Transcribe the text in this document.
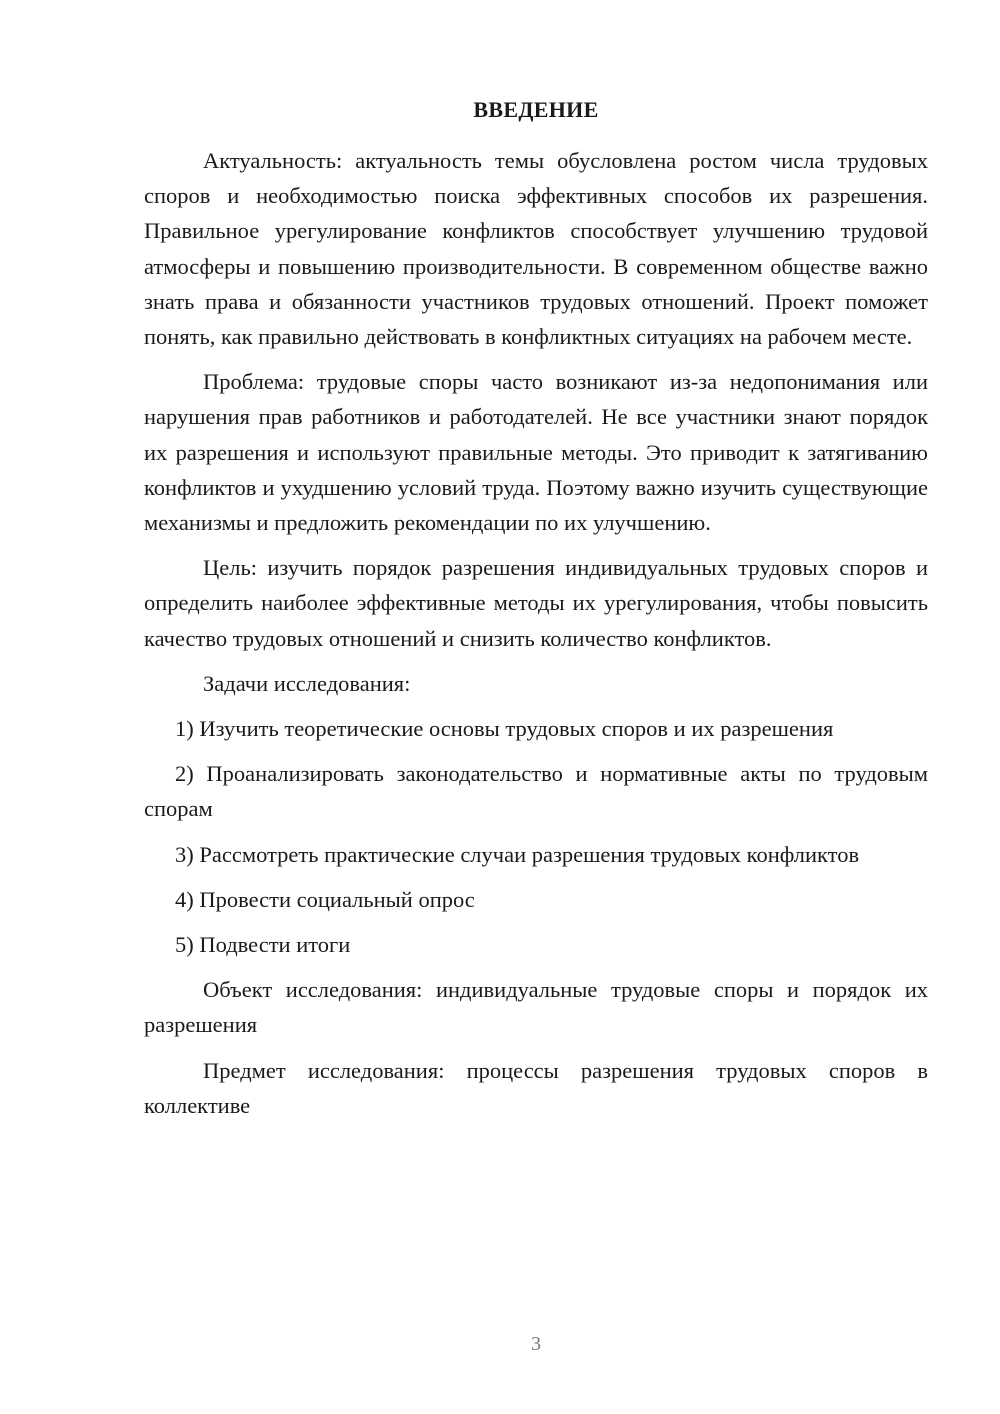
ВВЕДЕНИЕ

Актуальность: актуальность темы обусловлена ростом числа трудовых споров и необходимостью поиска эффективных способов их разрешения. Правильное урегулирование конфликтов способствует улучшению трудовой атмосферы и повышению производительности. В современном обществе важно знать права и обязанности участников трудовых отношений. Проект поможет понять, как правильно действовать в конфликтных ситуациях на рабочем месте.

Проблема: трудовые споры часто возникают из-за недопонимания или нарушения прав работников и работодателей. Не все участники знают порядок их разрешения и используют правильные методы. Это приводит к затягиванию конфликтов и ухудшению условий труда. Поэтому важно изучить существующие механизмы и предложить рекомендации по их улучшению.

Цель: изучить порядок разрешения индивидуальных трудовых споров и определить наиболее эффективные методы их урегулирования, чтобы повысить качество трудовых отношений и снизить количество конфликтов.

Задачи исследования:

1) Изучить теоретические основы трудовых споров и их разрешения

2) Проанализировать законодательство и нормативные акты по трудовым спорам

3) Рассмотреть практические случаи разрешения трудовых конфликтов

4) Провести социальный опрос

5) Подвести итоги

Объект исследования: индивидуальные трудовые споры и порядок их разрешения

Предмет исследования: процессы разрешения трудовых споров в коллективе

3
